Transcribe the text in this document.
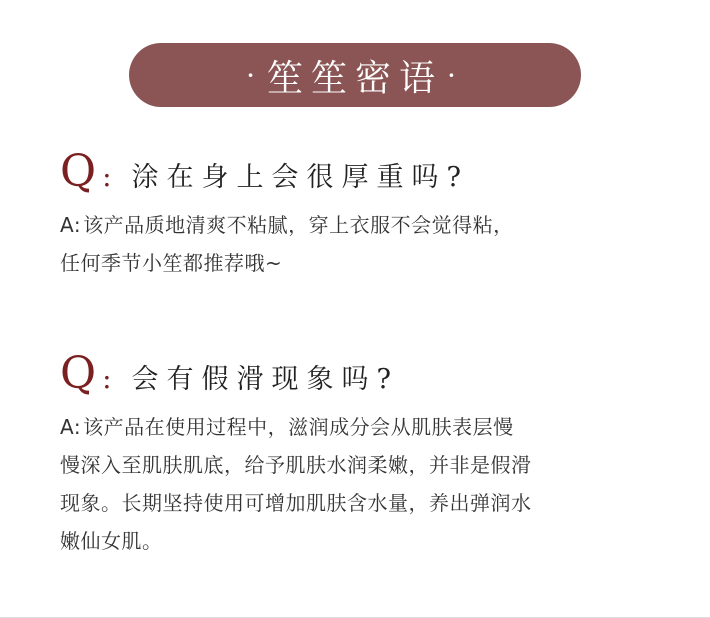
· 笙笙密语 ·
Q : 涂在身上会很厚重吗?
A: 该产品质地清爽不粘腻，穿上衣服不会觉得粘，
任何季节小笙都推荐哦~
Q : 会有假滑现象吗?
A: 该产品在使用过程中，滋润成分会从肌肤表层慢
慢深入至肌肤肌底，给予肌肤水润柔嫩，并非是假滑
现象。长期坚持使用可增加肌肤含水量，养出弹润水
嫩仙女肌。
